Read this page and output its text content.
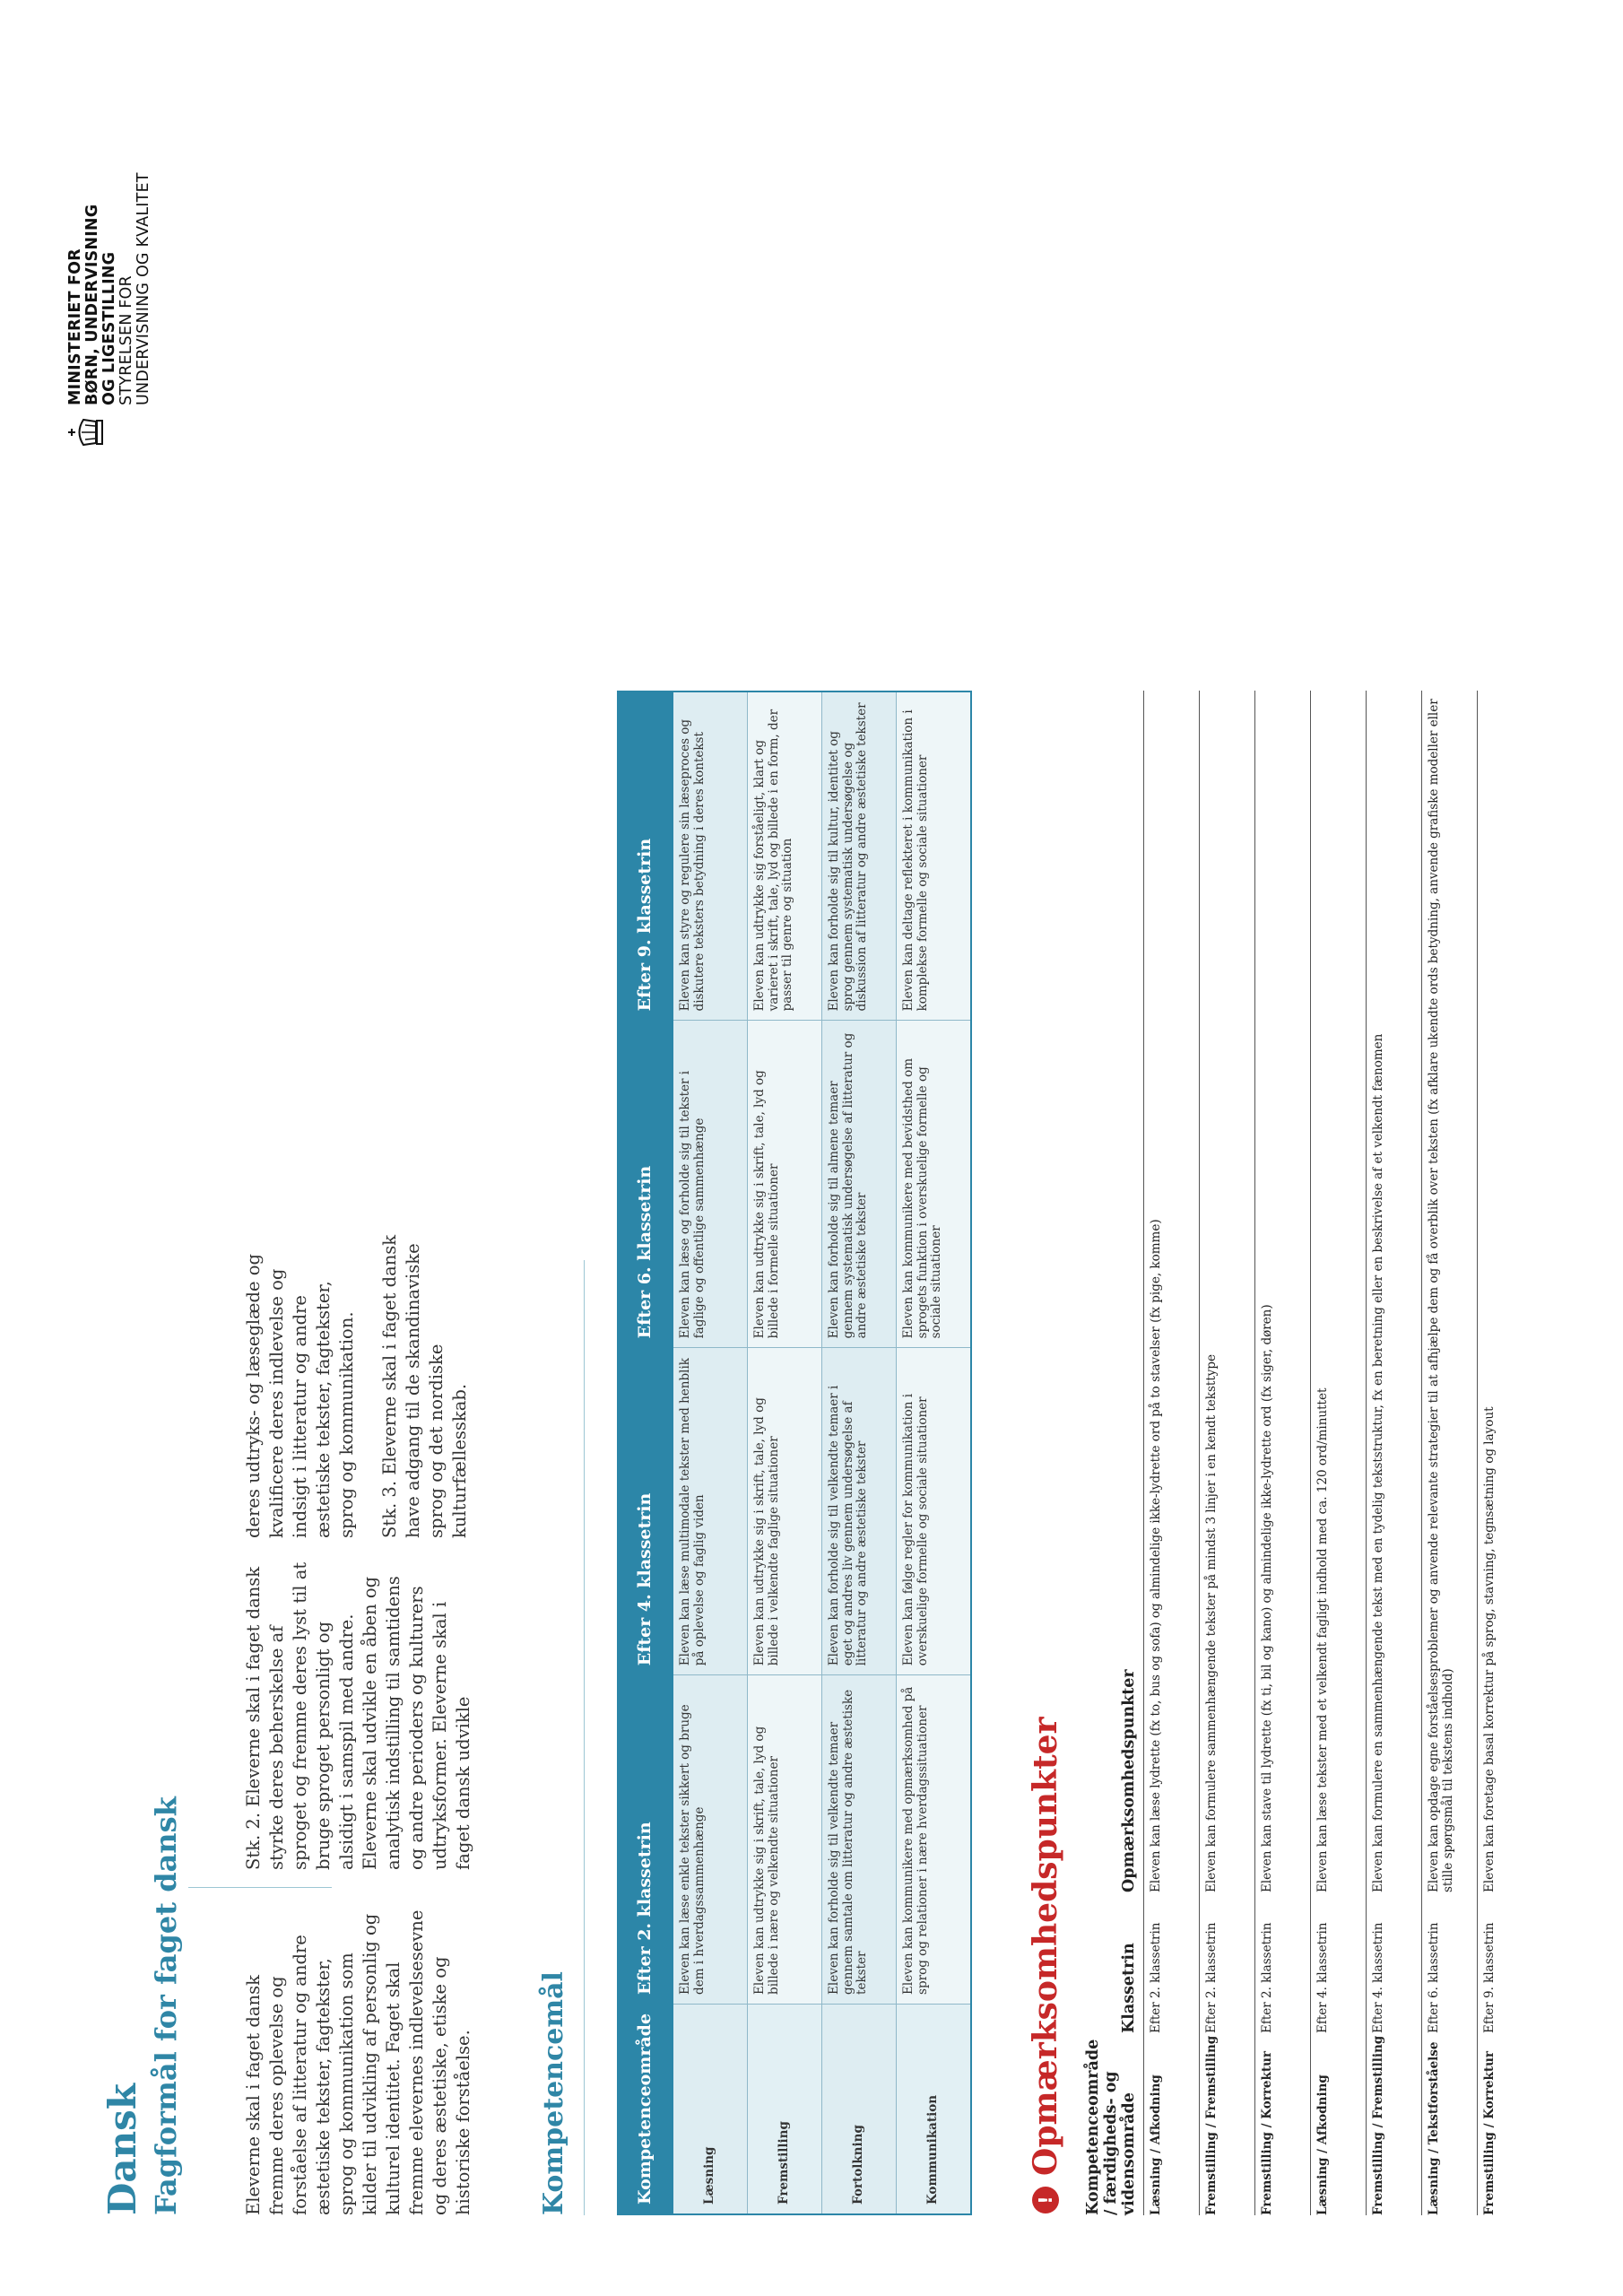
Dansk Fagformål for faget dansk	Eleverne skal i faget dansk fremme deres oplevelse og forståelse af litteratur og andre æstetiske tekster, fagtekster, sprog og kommunikation som kilder til udvikling af personlig og kulturel identitet. Faget skal fremme elevernes indlevelsesevne og deres æstetiske, etiske og historiske forståelse.

Stk. 2. Eleverne skal i faget dansk styrke deres beherskelse af sproget og fremme deres lyst til at bruge sproget personligt og alsidigt i samspil med andre. Eleverne skal udvikle en åben og analytisk indstilling til samtidens og andre perioders og kulturers udtryksformer. Eleverne skal i faget dansk udvikle

deres udtryks- og læseglæde og kvalificere deres indlevelse og indsigt i litteratur og andre æstetiske tekster, fagtekster, sprog og kommunikation. Stk. 3. Eleverne skal i faget dansk have adgang til de skandinaviske sprog og det nordiske kulturfællesskab.

MINISTERIET FOR BØRN, UNDERVISNING OG LIGESTILLING STYRELSEN FOR UNDERVISNING OG KVALITET
Kompetencemål	Kompetenceområde	Efter 2. klassetrin	Efter 4. klassetrin	Efter 6. klassetrin	Efter 9. klassetrin
Læsning	Eleven kan læse enkle tekster sikkert og bruge dem i hverdagssammenhænge	Eleven kan læse multimodale tekster med henblik på oplevelse og faglig viden	Eleven kan læse og forholde sig til tekster i faglige og offentlige sammenhænge	Eleven kan styre og regulere sin læseproces og diskutere teksters betydning i deres kontekst
Fremstilling	Eleven kan udtrykke sig i skrift, tale, lyd og billede i nære og velkendte situationer	Eleven kan udtrykke sig i skrift, tale, lyd og billede i velkendte faglige situationer	Eleven kan udtrykke sig i skrift, tale, lyd og billede i formelle situationer	Eleven kan udtrykke sig forståeligt, klart og varieret i skrift, tale, lyd og billede i en form, der passer til genre og situation
Fortolkning	Eleven kan forholde sig til velkendte temaer gennem samtale om litteratur og andre æstetiske tekster	Eleven kan forholde sig til velkendte temaer i eget og andres liv gennem undersøgelse af litteratur og andre æstetiske tekster	Eleven kan forholde sig til almene temaer gennem systematisk undersøgelse af litteratur og andre æstetiske tekster	Eleven kan forholde sig til kultur, identitet og sprog gennem systematisk undersøgelse og diskussion af litteratur og andre æstetiske tekster
Kommunikation	Eleven kan kommunikere med opmærksomhed på sprog og relationer i nære hverdagssituationer	Eleven kan følge regler for kommunikation i overskuelige formelle og sociale situationer	Eleven kan kommunikere med bevidsthed om sprogets funktion i overskuelige formelle og sociale situationer	Eleven kan deltage reflekteret i kommunikation i komplekse formelle og sociale situationer
!
Opmærksomhedspunkter Kompetenceområde / færdigheds- og vidensområde	Klassetrin	Opmærksomhedspunkter
Læsning / Afkodning	Efter 2. klassetrin	Eleven kan læse lydrette (fx to, bus og sofa) og almindelige ikke-lydrette ord på to stavelser (fx pige, komme)
Fremstilling / Fremstilling	Efter 2. klassetrin	Eleven kan formulere sammenhængende tekster på mindst 3 linjer i en kendt teksttype
Fremstilling / Korrektur	Efter 2. klassetrin	Eleven kan stave til lydrette (fx ti, bil og kano) og almindelige ikke-lydrette ord (fx siger, døren)
Læsning / Afkodning	Efter 4. klassetrin	Eleven kan læse tekster med et velkendt fagligt indhold med ca. 120 ord/minuttet
Fremstilling / Fremstilling	Efter 4. klassetrin	Eleven kan formulere en sammenhængende tekst med en tydelig tekststruktur, fx en beretning eller en beskrivelse af et velkendt fænomen
Læsning / Tekstforståelse	Efter 6. klassetrin	Eleven kan opdage egne forståelsesproblemer og anvende relevante strategier til at afhjælpe dem og få overblik over teksten (fx afklare ukendte ords betydning, anvende grafiske modeller eller stille spørgsmål til tekstens indhold)
Fremstilling / Korrektur	Efter 9. klassetrin	Eleven kan foretage basal korrektur på sprog, stavning, tegnsætning og layout
